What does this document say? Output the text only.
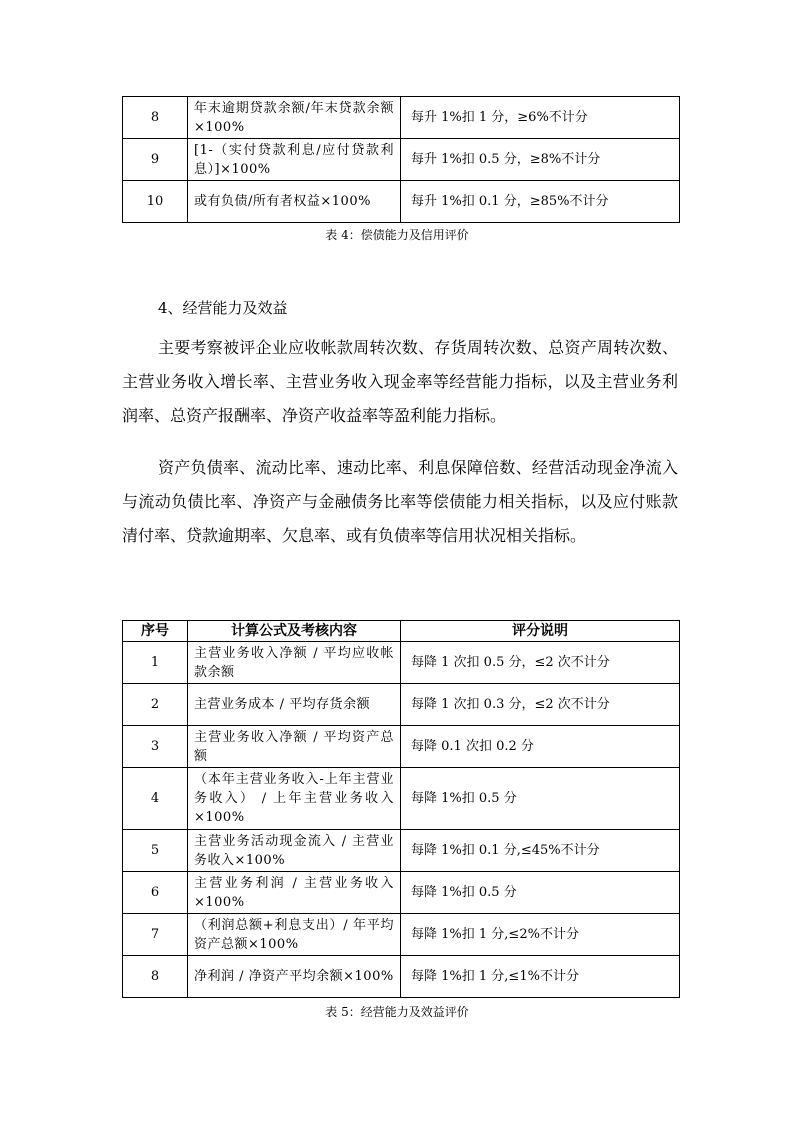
8	年末逾期贷款余额/年末贷款余额×100%	每升 1%扣 1 分，≥6%不计分
9	[1-（实付贷款利息/应付贷款利息）]×100%	每升 1%扣 0.5 分，≥8%不计分
10	或有负债/所有者权益×100%	每升 1%扣 0.1 分，≥85%不计分
表 4：偿债能力及信用评价
4、经营能力及效益

主要考察被评企业应收帐款周转次数、存货周转次数、总资产周转次数、主营业务收入增长率、主营业务收入现金率等经营能力指标，以及主营业务利润率、总资产报酬率、净资产收益率等盈利能力指标。

资产负债率、流动比率、速动比率、利息保障倍数、经营活动现金净流入与流动负债比率、净资产与金融债务比率等偿债能力相关指标，以及应付账款清付率、贷款逾期率、欠息率、或有负债率等信用状况相关指标。

序号	计算公式及考核内容	评分说明
1	主营业务收入净额 / 平均应收帐款余额	每降 1 次扣 0.5 分，≤2 次不计分
2	主营业务成本 / 平均存货余额	每降 1 次扣 0.3 分，≤2 次不计分
3	主营业务收入净额 / 平均资产总额	每降 0.1 次扣 0.2 分
4	（本年主营业务收入-上年主营业务收入） / 上年主营业务收入×100%	每降 1%扣 0.5 分
5	主营业务活动现金流入 / 主营业务收入×100%	每降 1%扣 0.1 分,≤45%不计分
6	主营业务利润 / 主营业务收入 ×100%	每降 1%扣 0.5 分
7	（利润总额+利息支出）/ 年平均资产总额×100%	每降 1%扣 1 分,≤2%不计分
8	净利润 / 净资产平均余额×100%	每降 1%扣 1 分,≤1%不计分
表 5：经营能力及效益评价
